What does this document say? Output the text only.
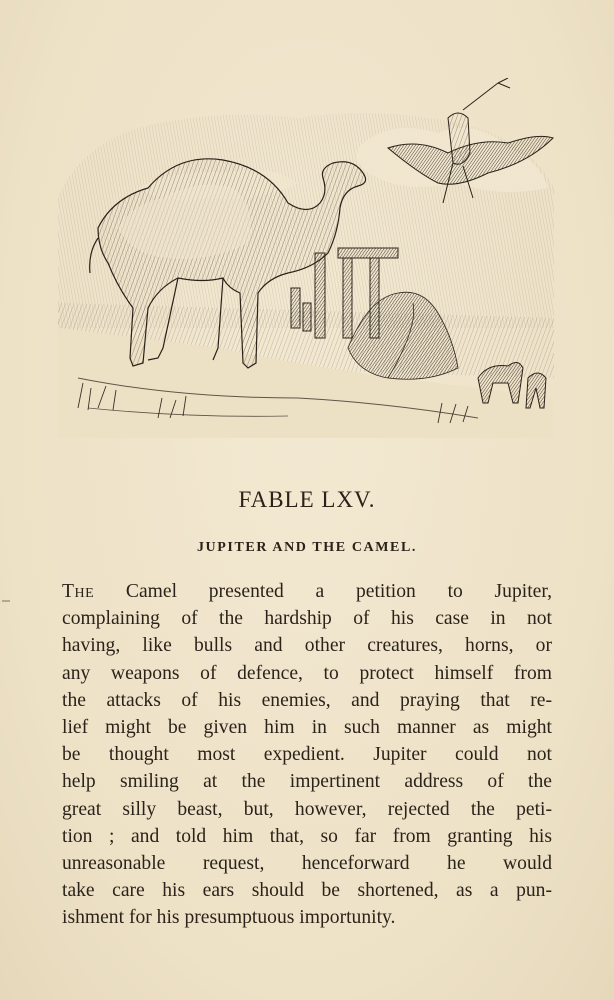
FABLE LXV.
JUPITER AND THE CAMEL.
The Camel presented a petition to Jupiter,
complaining of the hardship of his case in not
having, like bulls and other creatures, horns, or
any weapons of defence, to protect himself from
the attacks of his enemies, and praying that re-
lief might be given him in such manner as might
be thought most expedient. Jupiter could not
help smiling at the impertinent address of the
great silly beast, but, however, rejected the peti-
tion ; and told him that, so far from granting his
unreasonable request, henceforward he would
take care his ears should be shortened, as a pun-
ishment for his presumptuous importunity.
